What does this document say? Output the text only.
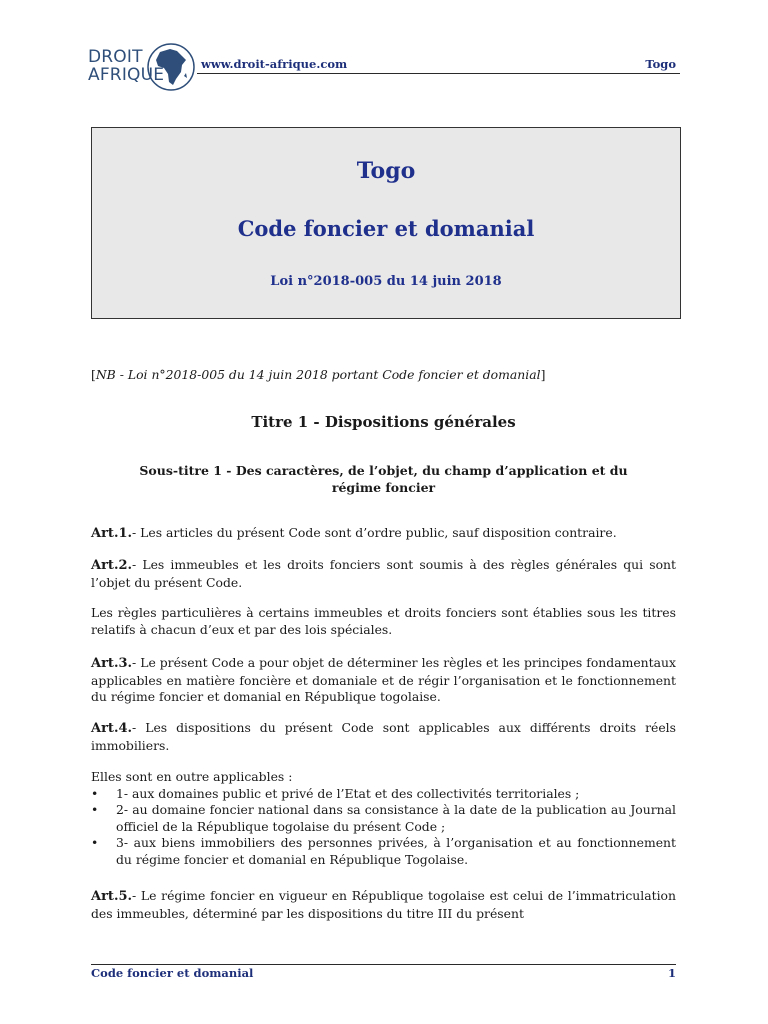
DROIT
AFRIQUE
www.droit-afrique.com	Togo
Togo
Code foncier et domanial
Loi n°2018-005 du 14 juin 2018
[NB - Loi n°2018-005 du 14 juin 2018 portant Code foncier et domanial]
Titre 1 - Dispositions générales
Sous-titre 1 - Des caractères, de l’objet, du champ d’application et du régime foncier
Art.1.- Les articles du présent Code sont d’ordre public, sauf disposition contraire.
Art.2.- Les immeubles et les droits fonciers sont soumis à des règles générales qui sont l’objet du présent Code.
Les règles particulières à certains immeubles et droits fonciers sont établies sous les titres relatifs à chacun d’eux et par des lois spéciales.
Art.3.- Le présent Code a pour objet de déterminer les règles et les principes fondamentaux applicables en matière foncière et domaniale et de régir l’organisation et le fonctionnement du régime foncier et domanial en République togolaise.
Art.4.- Les dispositions du présent Code sont applicables aux différents droits réels immobiliers.
Elles sont en outre applicables :
• 1- aux domaines public et privé de l’Etat et des collectivités territoriales ;
• 2- au domaine foncier national dans sa consistance à la date de la publication au Journal officiel de la République togolaise du présent Code ;
• 3- aux biens immobiliers des personnes privées, à l’organisation et au fonctionnement du régime foncier et domanial en République Togolaise.
Art.5.- Le régime foncier en vigueur en République togolaise est celui de l’immatriculation des immeubles, déterminé par les dispositions du titre III du présent
Code foncier et domanial	1
